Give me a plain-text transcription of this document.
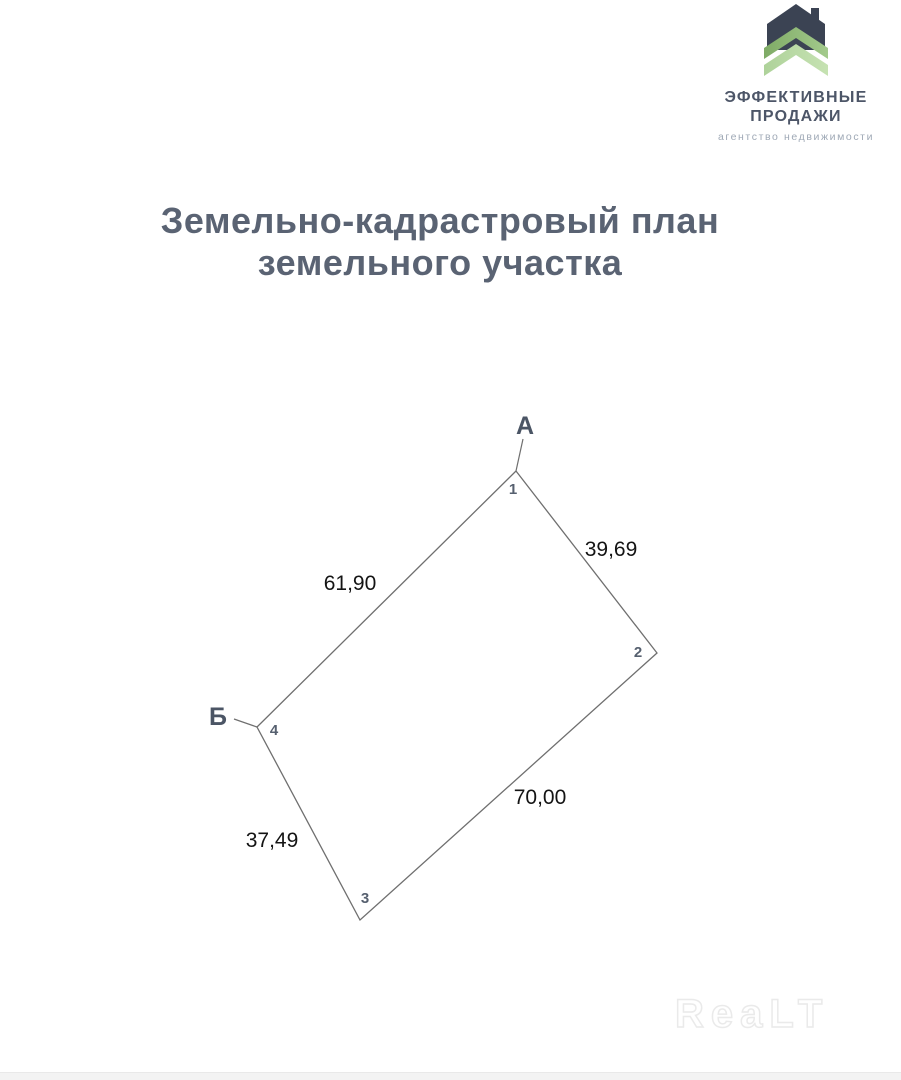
ЭФФЕКТИВНЫЕ
ПРОДАЖИ
агентство недвижимости
Земельно-кадрастровый план
земельного участка
А
Б
1
2
3
4
39,69
61,90
70,00
37,49
ReaLT
